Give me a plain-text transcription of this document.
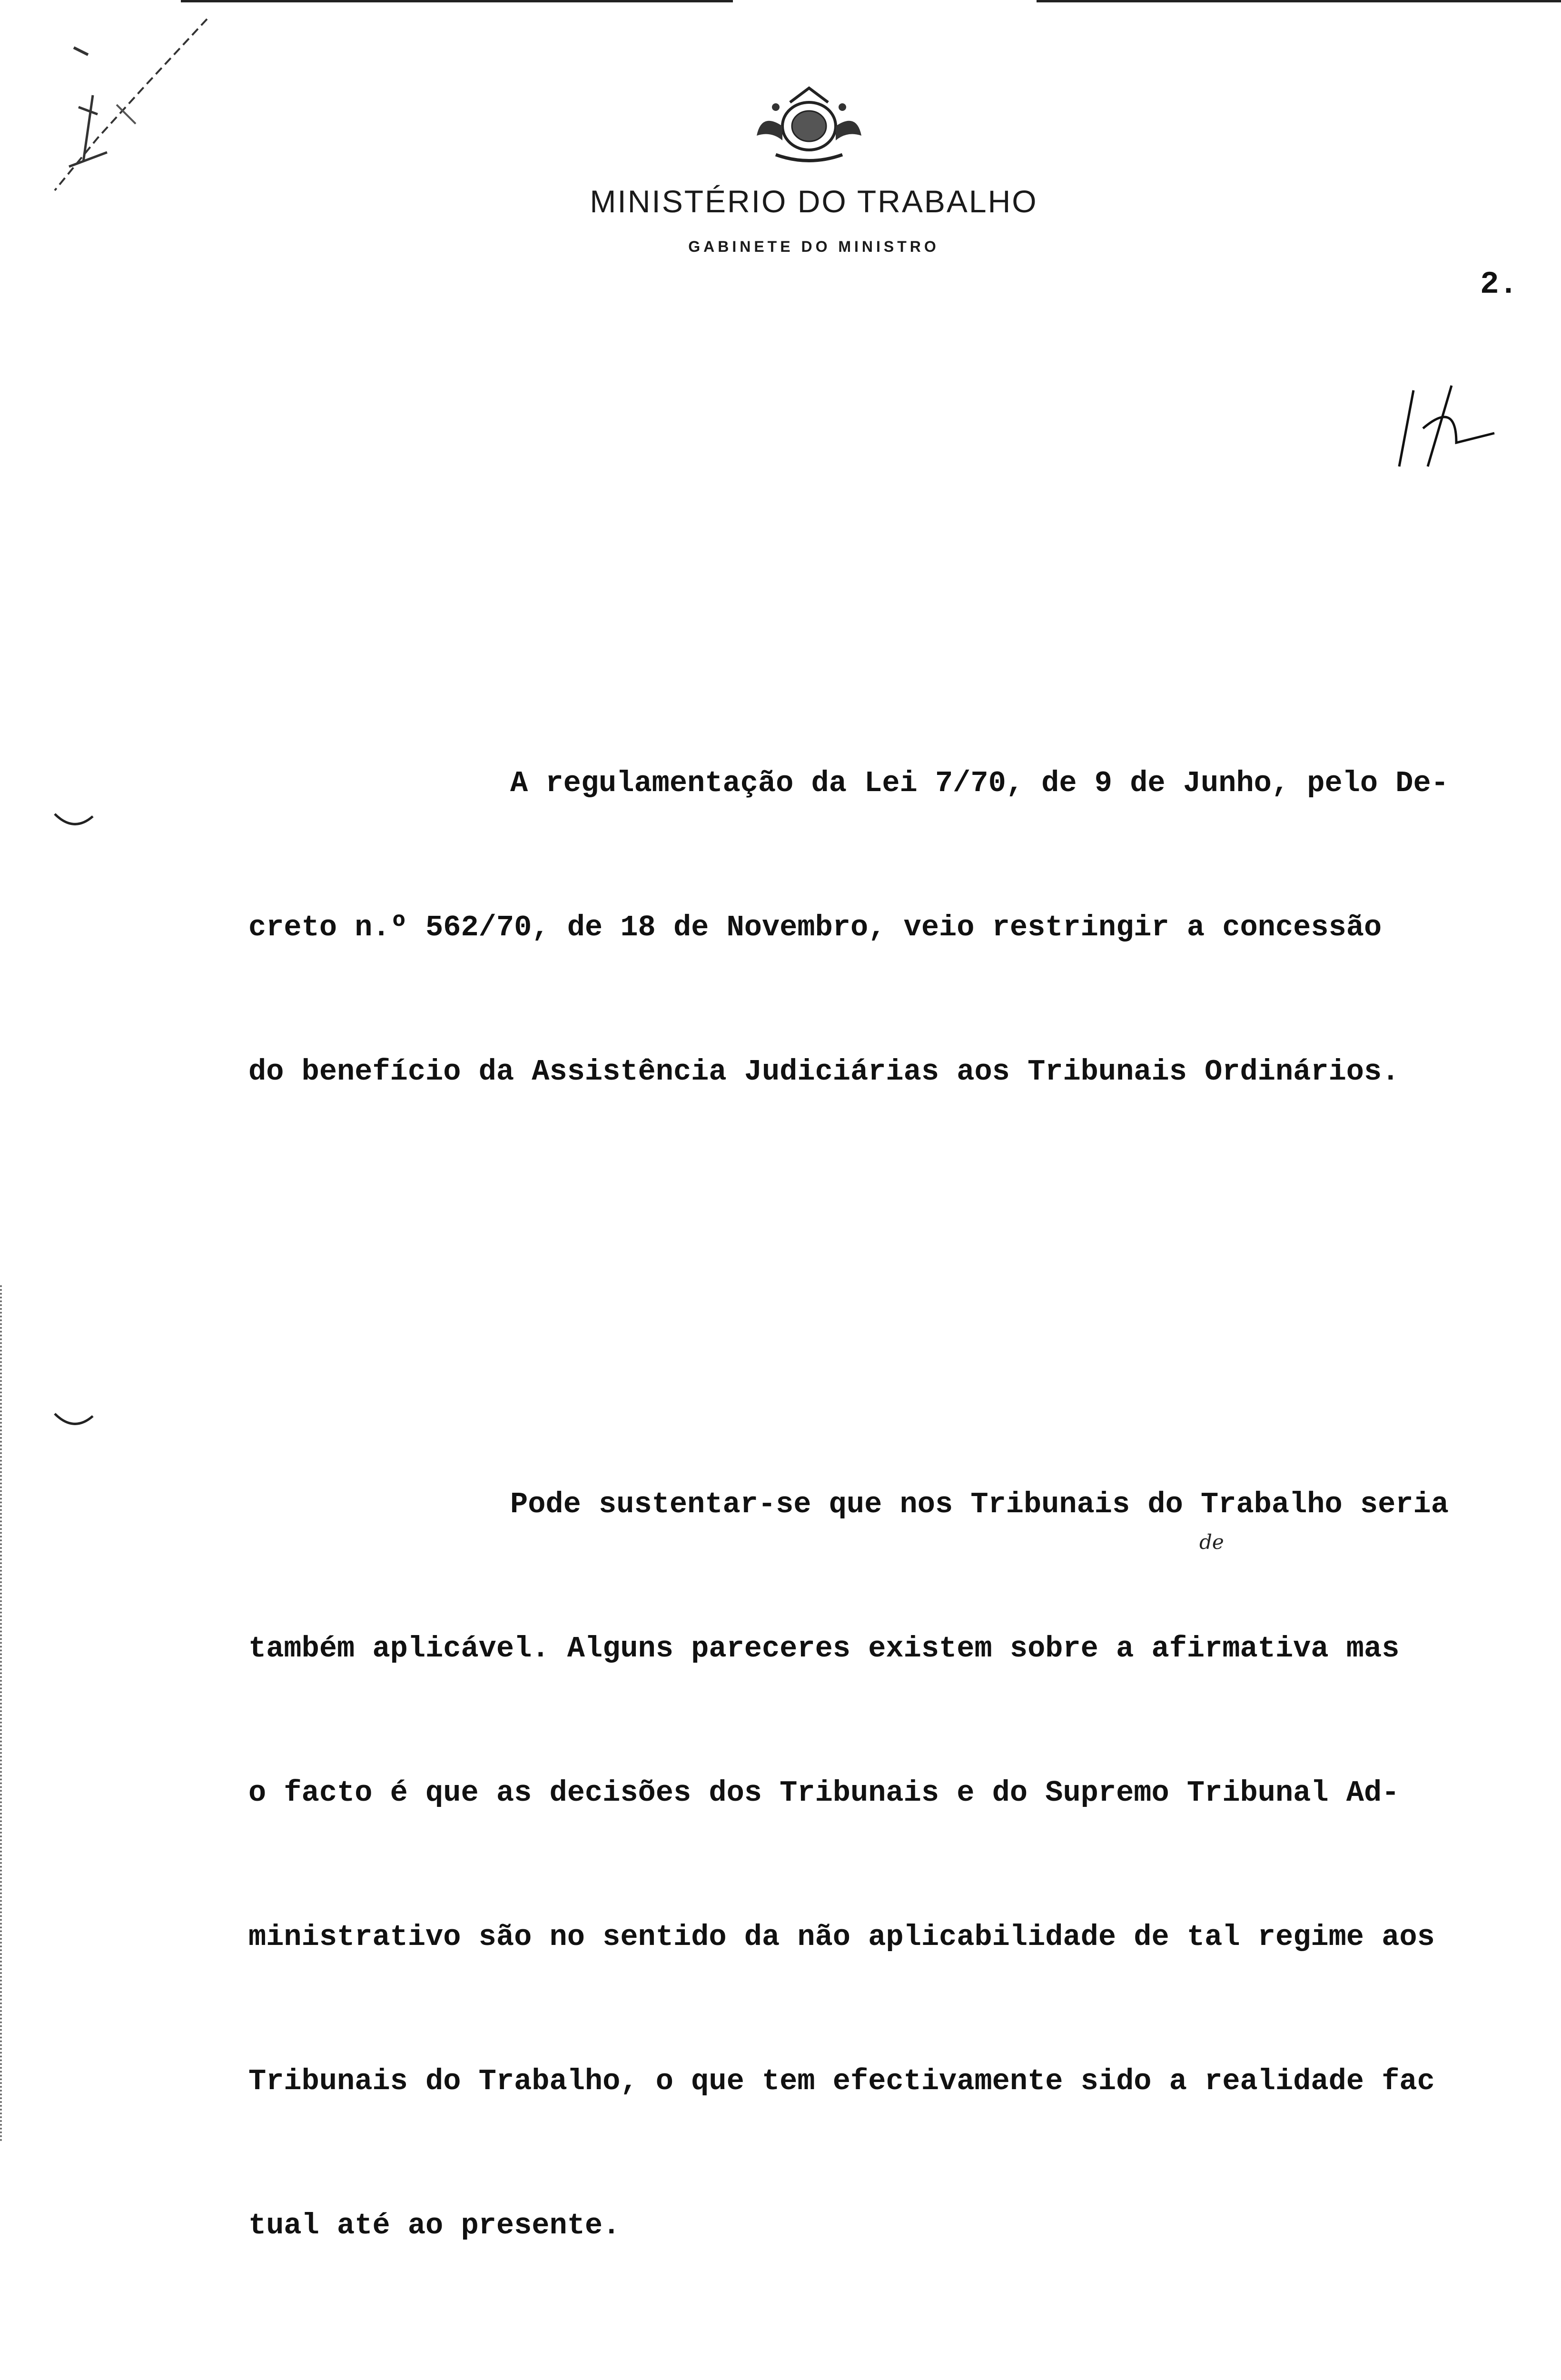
MINISTÉRIO DO TRABALHO
GABINETE DO MINISTRO
2.

A regulamentação da Lei 7/70, de 9 de Junho, pelo De-

creto n.º 562/70, de 18 de Novembro, veio restringir a concessão

do benefício da Assistência Judiciárias aos Tribunais Ordinários.

Pode sustentar-se que nos Tribunais do Trabalho seria

também aplicável. Alguns pareceres existem sobre a afirmativa mas

o facto é que as decisões dos Tribunais e do Supremo Tribunal Ad-

ministrativo são no sentido da não aplicabilidade de tal regime aos

Tribunais do Trabalho, o que tem efectivamente sido a realidade fac

tual até ao presente.

de
